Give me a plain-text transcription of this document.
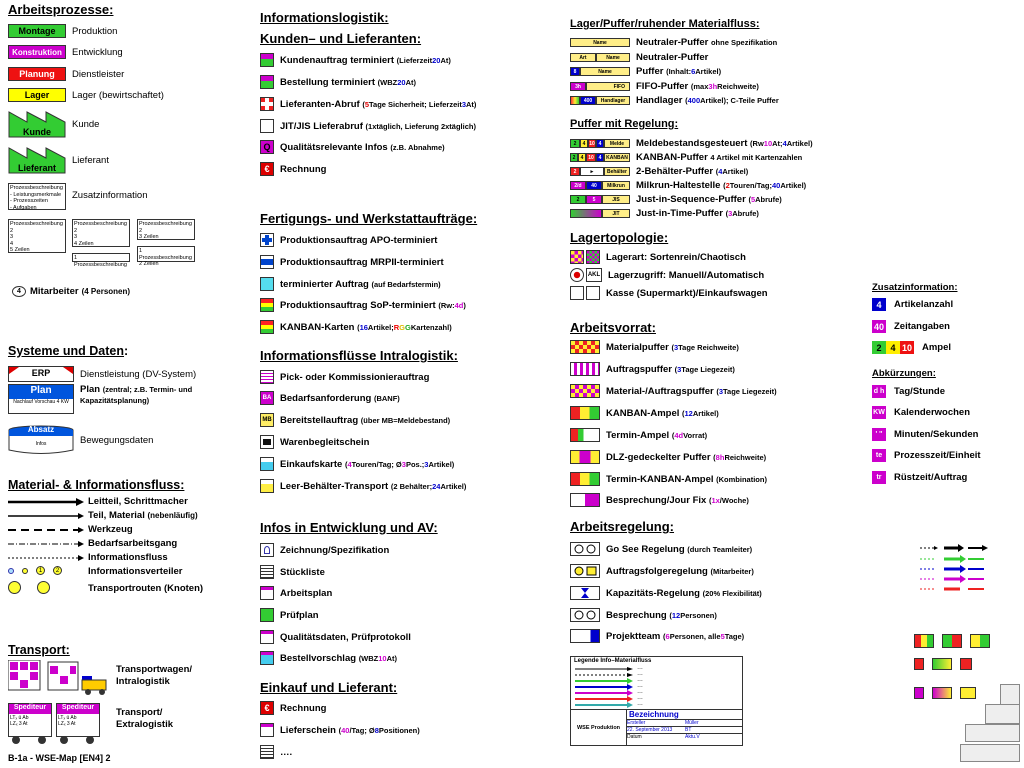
Arbeitsprozesse:
Montage	Produktion
Konstruktion	Entwicklung
Planung	Dienstleister
Lager	Lager (bewirtschaftet)
Kunde
Kunde
Lieferant
Lieferant
Prozessbeschreibung
- Leistungsmerkmale
- Prozesszeiten
- Aufgaben
Zusatzinformation
Prozessbeschreibung
2
3
4
5 Zeilen
Prozessbeschreibung
2
3
4 Zeilen
1 Prozessbeschreibung
Prozessbeschreibung
2
3 Zeilen
1 Prozessbeschreibung
2 Zeilen
4 Mitarbeiter (4 Personen)
Systeme und Daten:
ERP	Dienstleistung (DV-System)
Plan
Nachlauf Vorschau 4 KW
Plan (zentral; z.B. Termin- und Kapazitätsplanung)
Absatz
Infos	Bewegungsdaten
Material- & Informationsfluss:
Leitteil, Schrittmacher
Teil, Material
(nebenläufig)
Werkzeug
Bedarfsarbeitsgang
Informationsfluss
1	2	Informationsverteiler
Transportrouten (Knoten)
Transport:
Transportwagen/ Intralogistik
Spediteur
LTₓ ü Ab
LZₓ 3 At
Spediteur
LTₓ ü Ab
LZₓ 3 At
Transport/ Extralogistik
B-1a - WSE-Map [EN4] 2
Informationslogistik:
Kunden– und Lieferanten:
Kundenauftrag terminiert
(Lieferzeit 20 At)
Bestellung terminiert
(WBZ 20 At)
Lieferanten-Abruf
( 5 Tage Sicherheit; Lieferzeit 3 At)
JIT/JIS Lieferabruf
(1xtäglich, Lieferung 2xtäglich)
Q	Qualitätsrelevante Infos
(z.B. Abnahme)
€	Rechnung
Fertigungs- und Werkstattaufträge:
Produktionsauftrag APO-terminiert
Produktionsauftrag MRPII-terminiert
terminierter Auftrag
(auf Bedarfstermin)
Produktionsauftrag SoP-terminiert
(Rw: 4d )
KANBAN-Karten
( 16 Artikel; R G G Kartenzahl)
Informationsflüsse Intralogistik:
Pick- oder Kommissionierauftrag
BA Bedarfsanforderung
(BANF)
MB Bereitstellauftrag
(über MB=Meldebestand)
Warenbegleitschein
Einkaufskarte
( 4 Touren/Tag; Ø 3 Pos.; 3 Artikel)
Leer-Behälter-Transport
(2 Behälter; 24 Artikel)
Infos in Entwicklung und AV:
Zeichnung/Spezifikation
Stückliste
Arbeitsplan
Prüfplan
Qualitätsdaten, Prüfprotokoll
Bestellvorschlag
(WBZ 10 At)
Einkauf und Lieferant:
€	Rechnung
Lieferschein
( 40 /Tag; Ø 8 Positionen)
….
Lager/Puffer/ruhender Materialfluss:
Name	Neutraler-Puffer
ohne Spezifikation
Art	Name	Neutraler-Puffer
8	Name	Puffer
(Inhalt: 6 Artikel)
3h	FIFO	FIFO-Puffer
(max 3h Reichweite)
400	Handlager	Handlager
( 400 Artikel); C-Teile Puffer
Puffer mit Regelung:
2	4 10 4	Melde	Meldebestandsgesteuert
(Rw 10 At; 4 Artikel)
2	4 10 4 KANBAN KANBAN-Puffer
4 Artikel mit Kartenzahlen
2	►	Behälter 2-Behälter-Puffer
( 4 Artikel)
2/d	40	Milkrun	Milkrun-Haltestelle
( 2 Touren/Tag; 40 Artikel)
2	5	JIS	Just-in-Sequence-Puffer
( 5 Abrufe)
JIT	Just-in-Time-Puffer
( 3 Abrufe)
Lagertopologie:
Lagerart: Sortenrein/Chaotisch
AKL Lagerzugriff: Manuell/Automatisch
Kasse (Supermarkt)/Einkaufswagen
Arbeitsvorrat:
Materialpuffer
( 3 Tage Reichweite)
Auftragspuffer
( 3 Tage Liegezeit)
Material-/Auftragspuffer
( 3 Tage Liegezeit)
KANBAN-Ampel
( 12 Artikel)
Termin-Ampel
( 4d Vorrat)
DLZ-gedeckelter Puffer
( 8h Reichweite)
Termin-KANBAN-Ampel
(Kombination)
Besprechung/Jour Fix
( 1x /Woche)
Arbeitsregelung:
Go See Regelung
(durch Teamleiter)
Auftragsfolgeregelung
(Mitarbeiter)
Kapazitäts-Regelung
(20% Flexibilität)
Besprechung
( 12 Personen)
Projektteam
( 6 Personen, alle 5 Tage)
Legende Info–Materialfluss
…
…
…
…
…
…
…
WSE Produktion
Bezeichnung
Ersteller	Müller
22. September 2013	BT
Datum	Aktu.V
Zusatzinformation:
4	Artikelanzahl
40 Zeitangaben
2 4 10 Ampel
Abkürzungen:
d h Tag/Stunde
KW Kalenderwochen
' ''	Minuten/Sekunden
te	Prozesszeit/Einheit
tr	Rüstzeit/Auftrag
